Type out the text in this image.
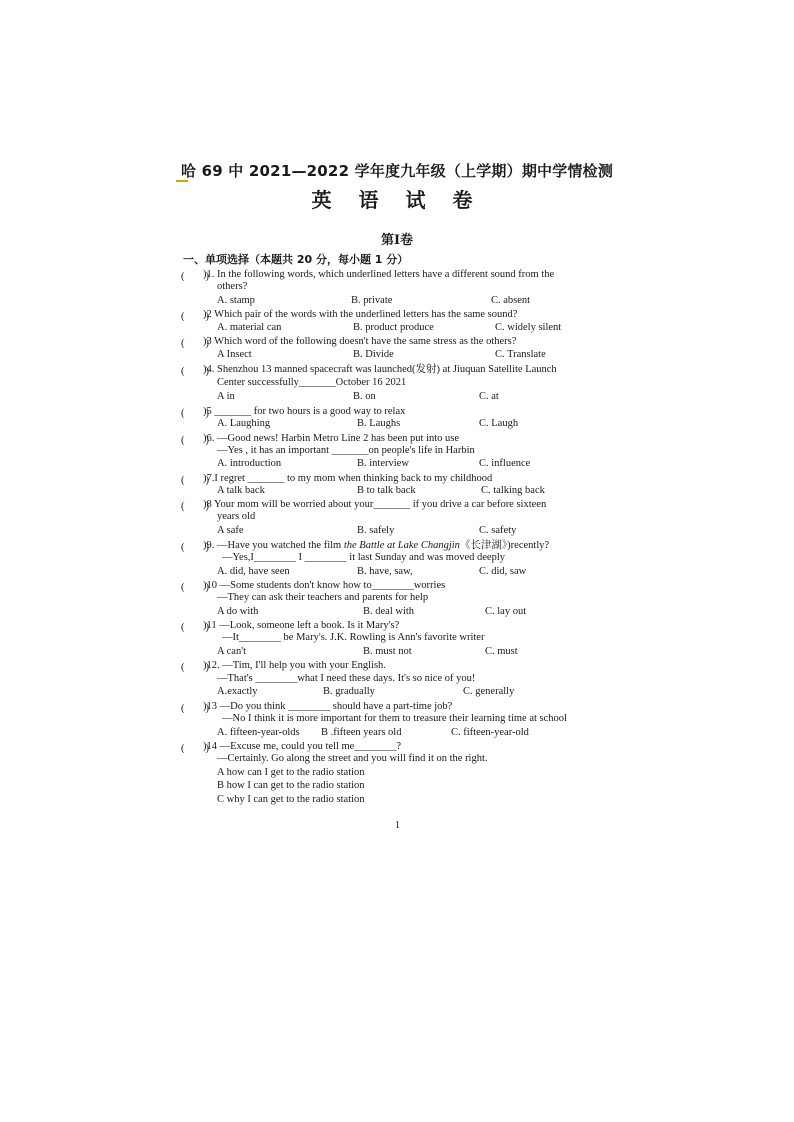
哈 69 中 2021—2022 学年度九年级（上学期）期中学情检测
英 语 试 卷
第Ⅰ卷
一、单项选择（本题共 20 分，每小题 1 分）
(　　)
)1. In the following words, which underlined letters have a different sound from the
others?
A. stamp	B. private	C. absent
(　　)
)2 Which pair of the words with the underlined letters has the same sound?
A. material can	B. product produce	C. widely silent
(　　)
)3 Which word of the following doesn't have the same stress as the others?
A Insect	B. Divide	C. Translate
(　　)
)4. Shenzhou 13 manned spacecraft was launched(发射) at Jiuquan Satellite Launch
Center successfully_______October 16 2021
A in	B. on	C. at
(　　)
)5 _______ for two hours is a good way to relax
A. Laughing	B. Laughs	C. Laugh
(　　)
)6. —Good news! Harbin Metro Line 2 has been put into use
—Yes , it has an important _______on people's life in Harbin
A. introduction	B. interview	C. influence
(　　)
)7.I regret _______ to my mom when thinking back to my childhood
A talk back	B to talk back	C. talking back
(　　)
)8 Your mom will be worried about your_______ if you drive a car before sixteen
years old
A safe	B. safely	C. safety
(　　)
)9. —Have you watched the film the Battle at Lake Changjin《长津湖》)recently?
—Yes,I________ I ________ it last Sunday and was moved deeply
A. did, have seen	B. have, saw,	C. did, saw
(　　)
)10 —Some students don't know how to________worries
—They can ask their teachers and parents for help
A do with	B. deal with	C. lay out
(　　)
)11 —Look, someone left a book. Is it Mary's?
—It________ be Mary's. J.K. Rowling is Ann's favorite writer
A can't	B. must not	C. must
(　　)
)12. —Tim, I'll help you with your English.
—That's ________what I need these days. It's so nice of you!
A.exactly	B. gradually	C. generally
(　　)
)13 —Do you think ________ should have a part-time job?
—No I think it is more important for them to treasure their learning time at school
A. fifteen-year-olds B .fifteen years old	C. fifteen-year-old
(　　)
)14 —Excuse me, could you tell me________?
—Certainly. Go along the street and you will find it on the right.
A how can I get to the radio station
B how I can get to the radio station
C why I can get to the radio station
1
